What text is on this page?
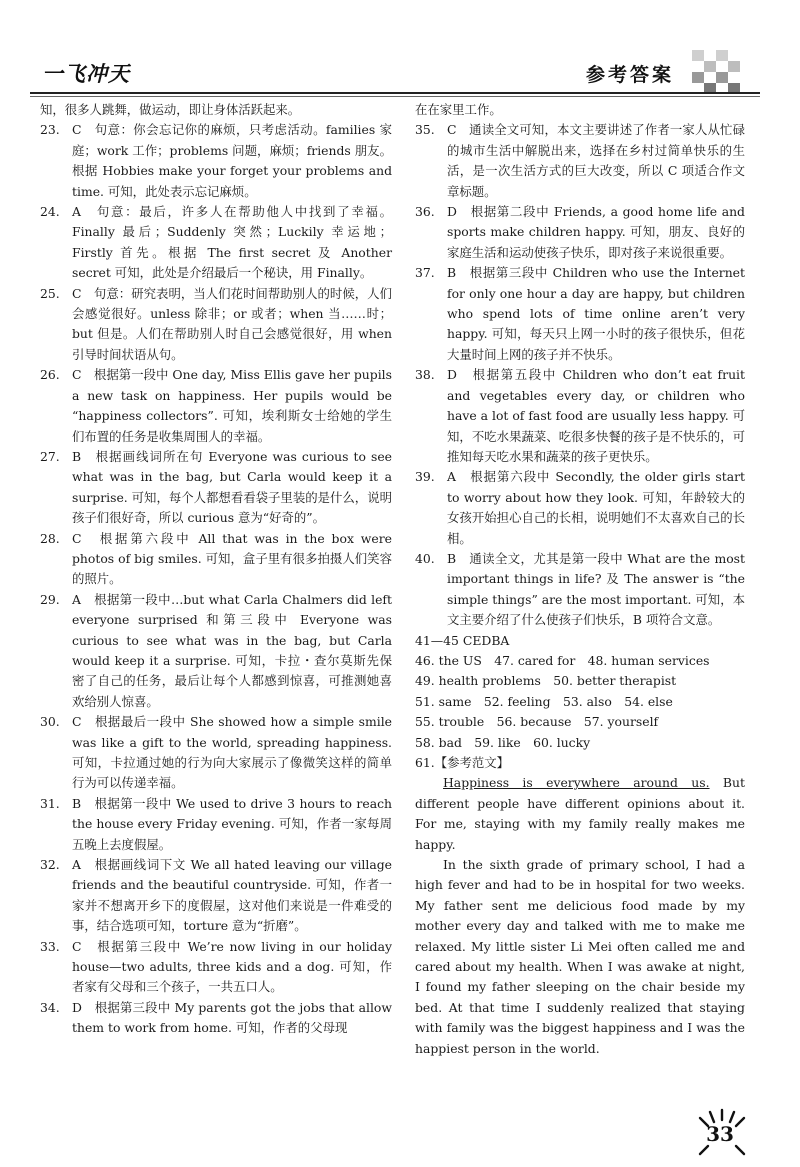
一飞冲天	参考答案

知，很多人跳舞，做运动，即让身体活跃起来。

23. C　句意：你会忘记你的麻烦，只考虑活动。families 家庭；work 工作；problems 问题，麻烦；friends 朋友。根据 Hobbies make your forget your problems and time. 可知，此处表示忘记麻烦。
24. A　句意：最后，许多人在帮助他人中找到了幸福。Finally 最后；Suddenly 突然；Luckily 幸运地；Firstly 首先。根据 The first secret 及 Another secret 可知，此处是介绍最后一个秘诀，用 Finally。
25. C　句意：研究表明，当人们花时间帮助别人的时候，人们会感觉很好。unless 除非；or 或者；when 当……时；but 但是。人们在帮助别人时自己会感觉很好，用 when 引导时间状语从句。
26. C　根据第一段中 One day, Miss Ellis gave her pupils a new task on happiness. Her pupils would be “happiness collectors”. 可知，埃利斯女士给她的学生们布置的任务是收集周围人的幸福。
27. B　根据画线词所在句 Everyone was curious to see what was in the bag, but Carla would keep it a surprise. 可知，每个人都想看看袋子里装的是什么，说明孩子们很好奇，所以 curious 意为“好奇的”。
28. C　根据第六段中 All that was in the box were photos of big smiles. 可知，盒子里有很多拍摄人们笑容的照片。
29. A　根据第一段中…but what Carla Chalmers did left everyone surprised 和第三段中 Everyone was curious to see what was in the bag, but Carla would keep it a surprise. 可知，卡拉・查尔莫斯先保密了自己的任务，最后让每个人都感到惊喜，可推测她喜欢给别人惊喜。
30. C　根据最后一段中 She showed how a simple smile was like a gift to the world, spreading happiness. 可知，卡拉通过她的行为向大家展示了像微笑这样的简单行为可以传递幸福。
31. B　根据第一段中 We used to drive 3 hours to reach the house every Friday evening. 可知，作者一家每周五晚上去度假屋。
32. A　根据画线词下文 We all hated leaving our village friends and the beautiful countryside. 可知，作者一家并不想离开乡下的度假屋，这对他们来说是一件难受的事，结合选项可知，torture 意为“折磨”。
33. C　根据第三段中 We’re now living in our holiday house—two adults, three kids and a dog. 可知，作者家有父母和三个孩子，一共五口人。
34. D　根据第三段中 My parents got the jobs that allow them to work from home. 可知，作者的父母现

在在家里工作。

35. C　通读全文可知，本文主要讲述了作者一家人从忙碌的城市生活中解脱出来，选择在乡村过简单快乐的生活，是一次生活方式的巨大改变，所以 C 项适合作文章标题。
36. D　根据第二段中 Friends, a good home life and sports make children happy. 可知，朋友、良好的家庭生活和运动使孩子快乐，即对孩子来说很重要。
37. B　根据第三段中 Children who use the Internet for only one hour a day are happy, but children who spend lots of time online aren’t very happy. 可知，每天只上网一小时的孩子很快乐，但花大量时间上网的孩子并不快乐。
38. D　根据第五段中 Children who don’t eat fruit and vegetables every day, or children who have a lot of fast food are usually less happy. 可知，不吃水果蔬菜、吃很多快餐的孩子是不快乐的，可推知每天吃水果和蔬菜的孩子更快乐。
39. A　根据第六段中 Secondly, the older girls start to worry about how they look. 可知，年龄较大的女孩开始担心自己的长相，说明她们不太喜欢自己的长相。
40. B　通读全文，尤其是第一段中 What are the most important things in life? 及 The answer is “the simple things” are the most important. 可知，本文主要介绍了什么使孩子们快乐，B 项符合文意。

41—45 CEDBA

46. the US　47. cared for　48. human services

49. health problems　50. better therapist

51. same　52. feeling　53. also　54. else

55. trouble　56. because　57. yourself

58. bad　59. like　60. lucky

61.【参考范文】

Happiness is everywhere around us. But different people have different opinions about it. For me, staying with my family really makes me happy.

In the sixth grade of primary school, I had a high fever and had to be in hospital for two weeks. My father sent me delicious food made by my mother every day and talked with me to make me relaxed. My little sister Li Mei often called me and cared about my health. When I was awake at night, I found my father sleeping on the chair beside my bed. At that time I suddenly realized that staying with family was the biggest happiness and I was the happiest person in the world.

33
